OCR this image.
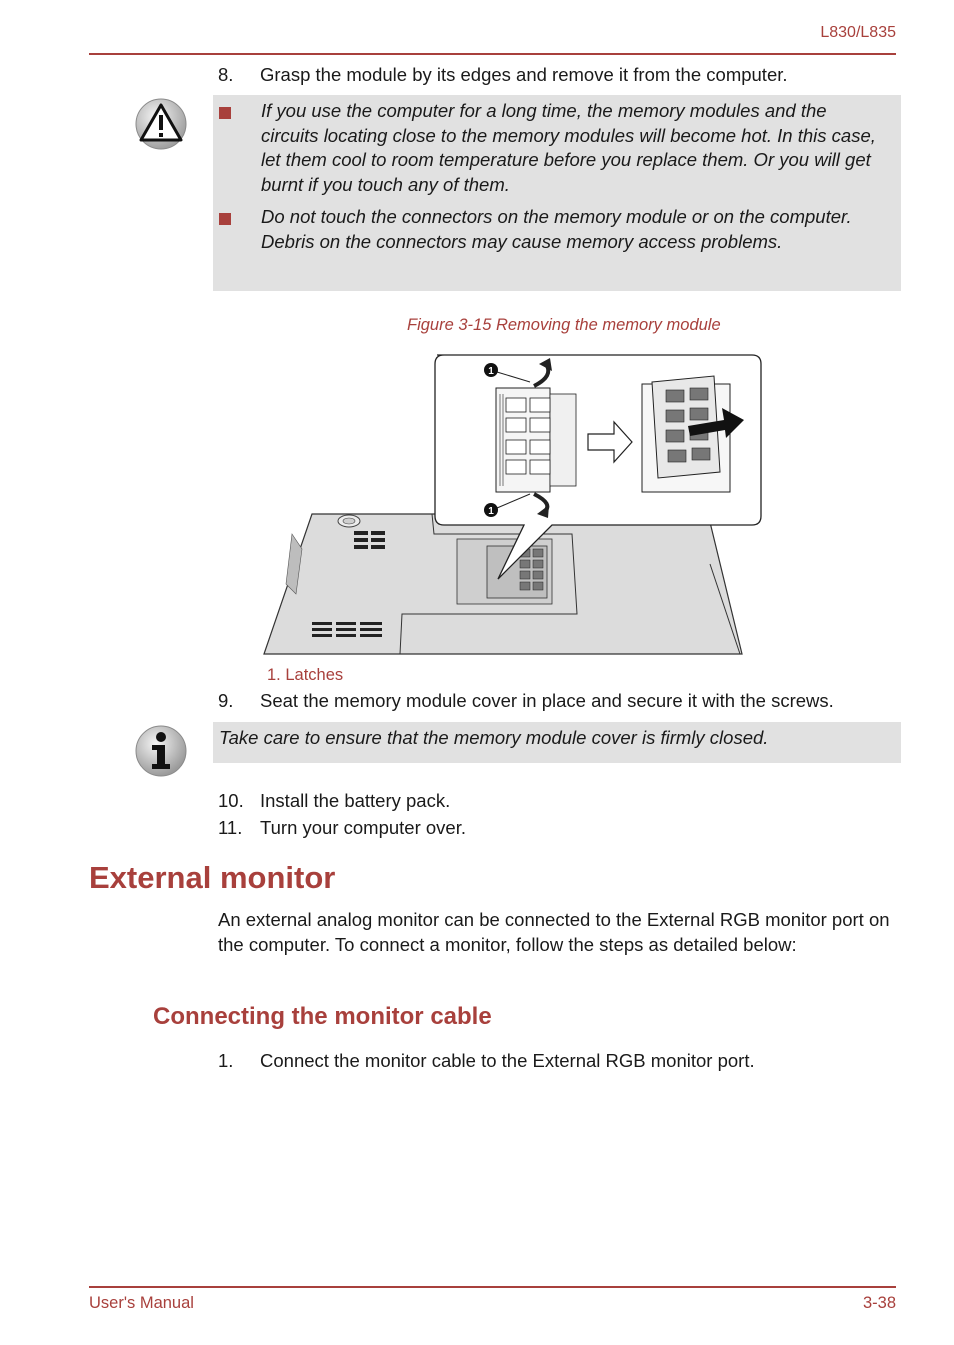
L830/L835
8. Grasp the module by its edges and remove it from the computer.
If you use the computer for a long time, the memory modules and the circuits locating close to the memory modules will become hot. In this case, let them cool to room temperature before you replace them. Or you will get burnt if you touch any of them.
Do not touch the connectors on the memory module or on the computer. Debris on the connectors may cause memory access problems.
Figure 3-15 Removing the memory module
1
1
1. Latches
9. Seat the memory module cover in place and secure it with the screws.
Take care to ensure that the memory module cover is firmly closed.
10. Install the battery pack.
11. Turn your computer over.
External monitor
An external analog monitor can be connected to the External RGB monitor port on the computer. To connect a monitor, follow the steps as detailed below:
Connecting the monitor cable
1. Connect the monitor cable to the External RGB monitor port.
User's Manual	3-38
